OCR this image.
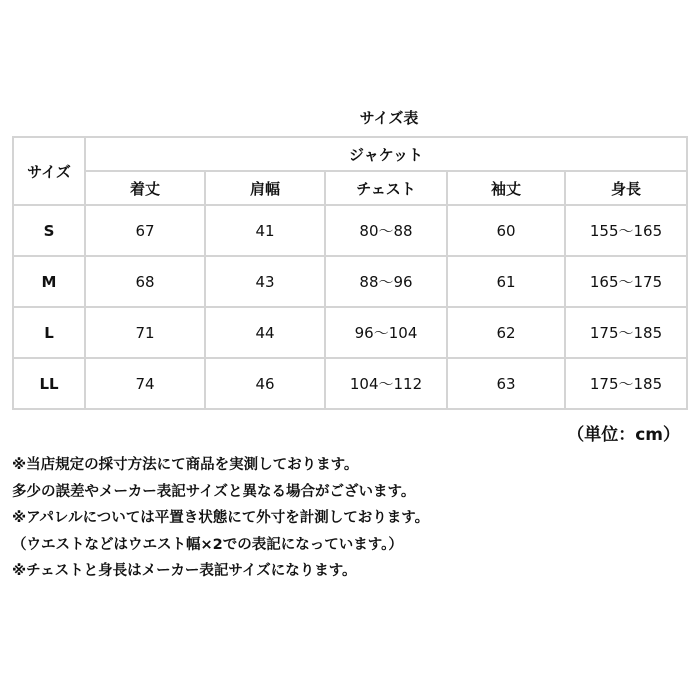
サイズ表
サイズ	ジャケット				
	着丈	肩幅	チェスト	袖丈	身長
S	67	41	80〜88	60	155〜165
M	68	43	88〜96	61	165〜175
L	71	44	96〜104	62	175〜185
LL	74	46	104〜112	63	175〜185
（単位：cm）
※当店規定の採寸方法にて商品を実測しております。
多少の誤差やメーカー表記サイズと異なる場合がございます。
※アパレルについては平置き状態にて外寸を計測しております。
（ウエストなどはウエスト幅×2での表記になっています。）
※チェストと身長はメーカー表記サイズになります。
